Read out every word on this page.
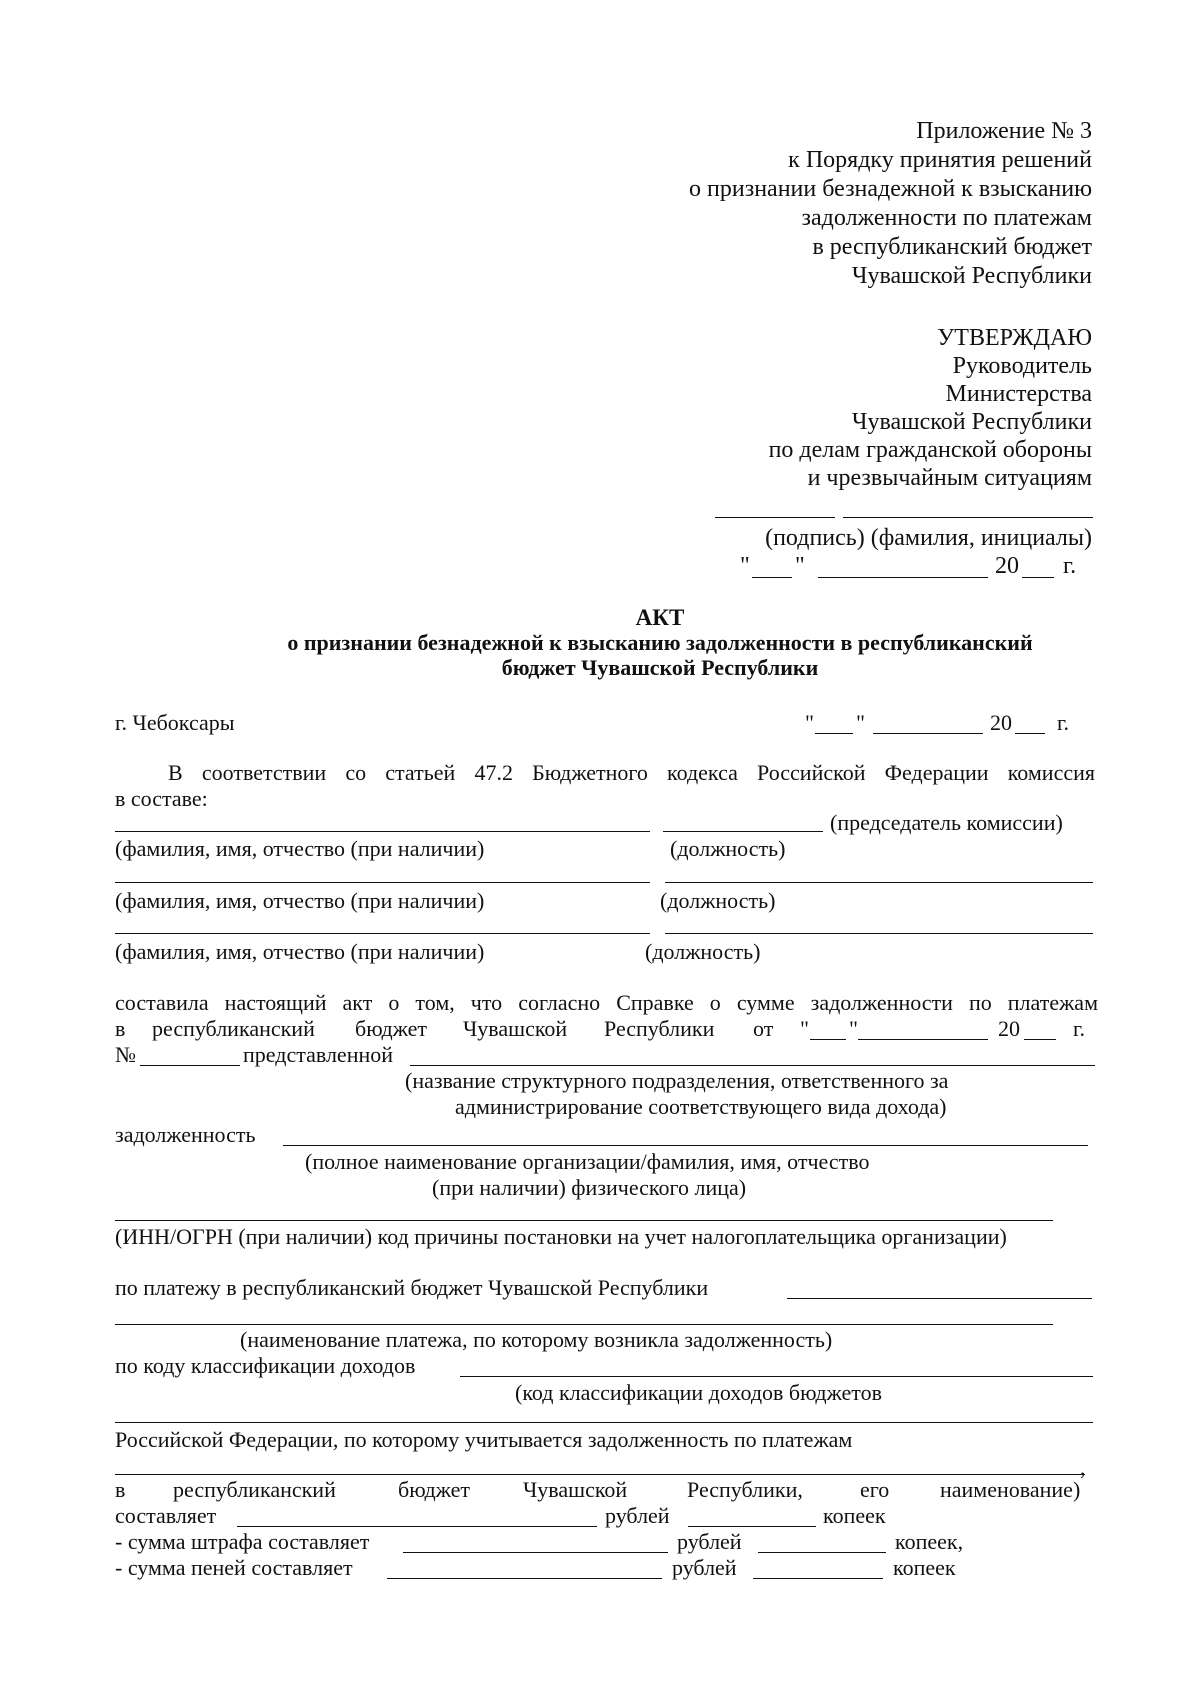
Приложение № 3
к Порядку принятия решений
о признании безнадежной к взысканию
задолженности по платежам
в республиканский бюджет
Чувашской Республики
УТВЕРЖДАЮ
Руководитель
Министерства
Чувашской Республики
по делам гражданской обороны
и чрезвычайным ситуациям
(подпись) (фамилия, инициалы)
" "	20 г.
АКТ
о признании безнадежной к взысканию задолженности в республиканский
бюджет Чувашской Республики
г. Чебоксары	" "	20 г.
В соответствии со статьей 47.2 Бюджетного кодекса Российской Федерации комиссия
в составе:
(председатель комиссии)
(фамилия, имя, отчество (при наличии)	(должность)
(фамилия, имя, отчество (при наличии)	(должность)
(фамилия, имя, отчество (при наличии)	(должность)
составила настоящий акт о том, что согласно Справке о сумме задолженности по платежам
в республиканский бюджет Чувашской Республики от " "	20 г.
№	представленной
(название структурного подразделения, ответственного за
администрирование соответствующего вида дохода)
задолженность
(полное наименование организации/фамилия, имя, отчество
(при наличии) физического лица)
(ИНН/ОГРН (при наличии) код причины постановки на учет налогоплательщика организации)
по платежу в республиканский бюджет Чувашской Республики
(наименование платежа, по которому возникла задолженность)
по коду классификации доходов
(код классификации доходов бюджетов
Российской Федерации, по которому учитывается задолженность по платежам
,
в республиканский	бюджет Чувашской	Республики,	его наименование)
составляет	рублей	копеек
- сумма штрафа составляет	рублей	копеек,
- сумма пеней составляет	рублей	копеек
